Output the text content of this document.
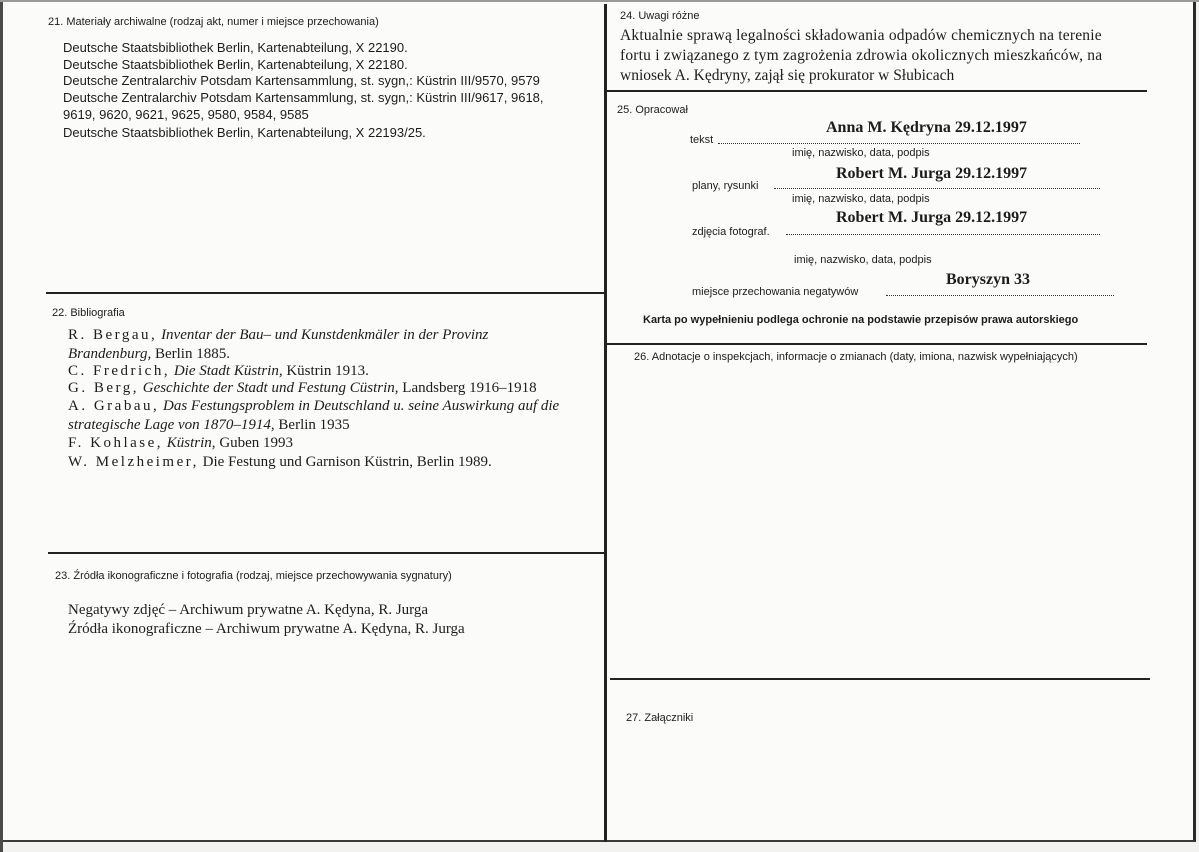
21. Materiały archiwalne (rodzaj akt, numer i miejsce przechowania)
Deutsche Staatsbibliothek Berlin, Kartenabteilung, X 22190.
Deutsche Staatsbibliothek Berlin, Kartenabteilung, X 22180.
Deutsche Zentralarchiv Potsdam Kartensammlung, st. sygn,: Küstrin III/9570, 9579
Deutsche Zentralarchiv Potsdam Kartensammlung, st. sygn,: Küstrin III/9617, 9618,
9619, 9620, 9621, 9625, 9580, 9584, 9585
Deutsche Staatsbibliothek Berlin, Kartenabteilung, X 22193/25.
22. Bibliografia
R. Bergau, Inventar der Bau– und Kunstdenkmäler in der Provinz
Brandenburg, Berlin 1885.
C. Fredrich, Die Stadt Küstrin, Küstrin 1913.
G. Berg, Geschichte der Stadt und Festung Cüstrin, Landsberg 1916–1918
A. Grabau, Das Festungsproblem in Deutschland u. seine Auswirkung auf die
strategische Lage von 1870–1914, Berlin 1935
F. Kohlase, Küstrin, Guben 1993
W. Melzheimer, Die Festung und Garnison Küstrin, Berlin 1989.
23. Źródła ikonograficzne i fotografia (rodzaj, miejsce przechowywania sygnatury)
Negatywy zdjęć – Archiwum prywatne A. Kędyna, R. Jurga
Źródła ikonograficzne – Archiwum prywatne A. Kędyna, R. Jurga
24. Uwagi różne
Aktualnie sprawą legalności składowania odpadów chemicznych na terenie
fortu i związanego z tym zagrożenia zdrowia okolicznych mieszkańców, na
wniosek A. Kędryny, zajął się prokurator w Słubicach
25. Opracował
Anna M. Kędryna 29.12.1997
tekst
imię, nazwisko, data, podpis
Robert M. Jurga 29.12.1997
plany, rysunki
imię, nazwisko, data, podpis
Robert M. Jurga 29.12.1997
zdjęcia fotograf.
imię, nazwisko, data, podpis
Boryszyn 33
miejsce przechowania negatywów
Karta po wypełnieniu podlega ochronie na podstawie przepisów prawa autorskiego
26. Adnotacje o inspekcjach, informacje o zmianach (daty, imiona, nazwisk wypełniających)
27. Załączniki
